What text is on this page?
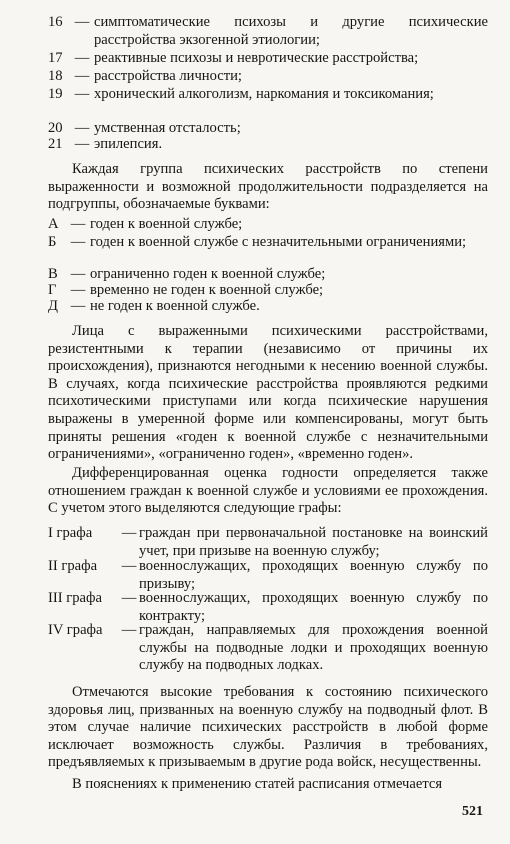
16 — симптоматические психозы и другие психические расстройства экзогенной этиологии;
17 — реактивные психозы и невротические расстройства;
18 — расстройства личности;
19 — хронический алкоголизм, наркомания и токсикомания;
20 — умственная отсталость;
21 — эпилепсия.

Каждая группа психических расстройств по степени выраженности и возможной продолжительности подразделяется на подгруппы, обозначаемые буквами:

А — годен к военной службе;
Б — годен к военной службе с незначительными ограничениями;
В — ограниченно годен к военной службе;
Г — временно не годен к военной службе;
Д — не годен к военной службе.

Лица с выраженными психическими расстройствами, резистентными к терапии (независимо от причины их происхождения), признаются негодными к несению военной службы. В случаях, когда психические расстройства проявляются редкими психотическими приступами или когда психические нарушения выражены в умеренной форме или компенсированы, могут быть приняты решения «годен к военной службе с незначительными ограничениями», «ограниченно годен», «временно годен».

Дифференцированная оценка годности определяется также отношением граждан к военной службе и условиями ее прохождения. С учетом этого выделяются следующие графы:

I графа	— граждан при первоначальной постановке на воинский учет, при призыве на военную службу;
II графа	— военнослужащих, проходящих военную службу по призыву;
III графа	— военнослужащих, проходящих военную службу по контракту;
IV графа	— граждан, направляемых для прохождения военной службы на подводные лодки и проходящих военную службу на подводных лодках.

Отмечаются высокие требования к состоянию психического здоровья лиц, призванных на военную службу на подводный флот. В этом случае наличие психических расстройств в любой форме исключает возможность службы. Различия в требованиях, предъявляемых к призываемым в другие рода войск, несущественны.

В пояснениях к применению статей расписания отмечается

521
